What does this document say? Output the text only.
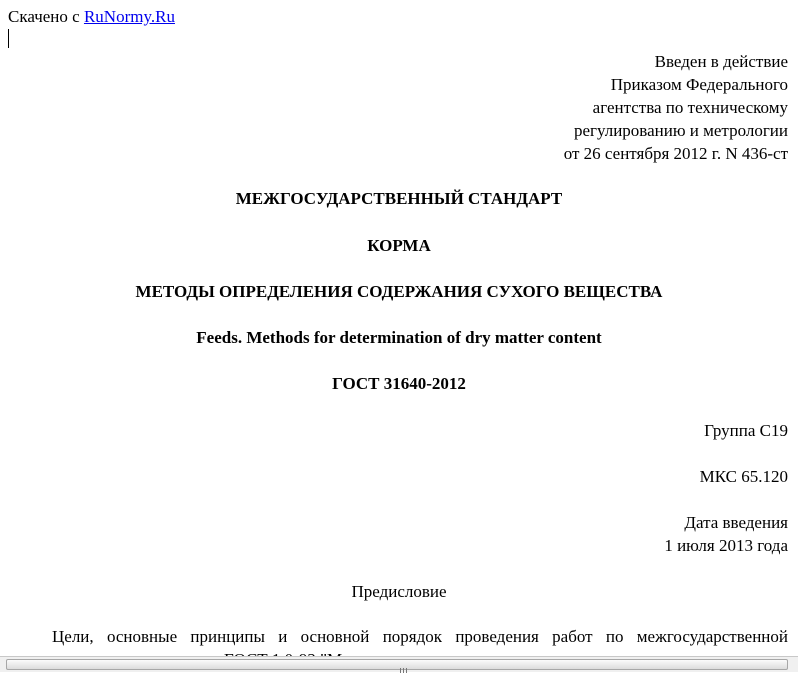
Скачено с RuNormy.Ru
Введен в действие
Приказом Федерального
агентства по техническому
регулированию и метрологии
от 26 сентября 2012 г. N 436-ст
МЕЖГОСУДАРСТВЕННЫЙ СТАНДАРТ
КОРМА
МЕТОДЫ ОПРЕДЕЛЕНИЯ СОДЕРЖАНИЯ СУХОГО ВЕЩЕСТВА
Feeds. Methods for determination of dry matter content
ГОСТ 31640-2012
Группа С19
МКС 65.120
Дата введения
1 июля 2013 года
Предисловие
Цели, основные принципы и основной порядок проведения работ по межгосударственной
